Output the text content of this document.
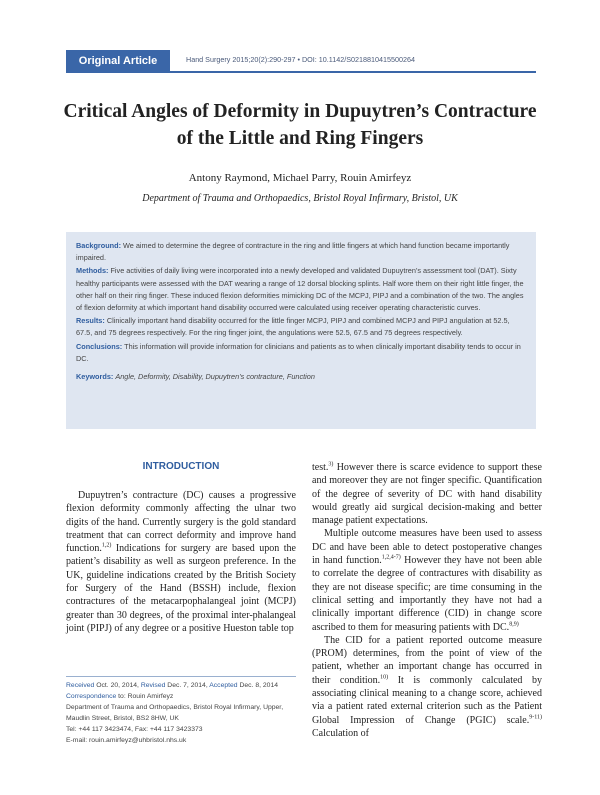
Original Article	Hand Surgery 2015;20(2):290-297 • DOI: 10.1142/S0218810415500264
Critical Angles of Deformity in Dupuytren’s Contracture
of the Little and Ring Fingers
Antony Raymond, Michael Parry, Rouin Amirfeyz
Department of Trauma and Orthopaedics, Bristol Royal Infirmary, Bristol, UK

Background: We aimed to determine the degree of contracture in the ring and little fingers at which hand function became importantly impaired.

Methods: Five activities of daily living were incorporated into a newly developed and validated Dupuytren’s assessment tool (DAT). Sixty healthy participants were assessed with the DAT wearing a range of 12 dorsal blocking splints. Half wore them on their right little finger, the other half on their ring finger. These induced flexion deformities mimicking DC of the MCPJ, PIPJ and a combination of the two. The angles of flexion deformity at which important hand disability occurred were calculated using receiver operating characteristic curves.

Results: Clinically important hand disability occurred for the little finger MCPJ, PIPJ and combined MCPJ and PIPJ angulation at 52.5, 67.5, and 75 degrees respectively. For the ring finger joint, the angulations were 52.5, 67.5 and 75 degrees respectively.

Conclusions: This information will provide information for clinicians and patients as to when clinically important disability tends to occur in DC.

Keywords: Angle, Deformity, Disability, Dupuytren’s contracture, Function

INTRODUCTION

Dupuytren’s contracture (DC) causes a progressive flexion deformity commonly affecting the ulnar two digits of the hand. Currently surgery is the gold standard treatment that can correct deformity and improve hand function.$^{1,2)}$ Indications for surgery are based upon the patient’s disability as well as surgeon preference. In the UK, guideline indications created by the British Society for Surgery of the Hand (BSSH) include, flexion contractures of the metacarpophalangeal joint (MCPJ) greater than 30 degrees, of the proximal inter-phalangeal joint (PIPJ) of any degree or a positive Hueston table top

Received Oct. 20, 2014, Revised Dec. 7, 2014, Accepted Dec. 8, 2014
Correspondence to: Rouin Amirfeyz
Department of Trauma and Orthopaedics, Bristol Royal Infirmary, Upper,
Maudlin Street, Bristol, BS2 8HW, UK
Tel: +44 117 3423474, Fax: +44 117 3423373
E-mail: rouin.amirfeyz@uhbristol.nhs.uk

test.$^{3)}$ However there is scarce evidence to support these and moreover they are not finger specific. Quantification of the degree of severity of DC with hand disability would greatly aid surgical decision-making and better manage patient expectations.

Multiple outcome measures have been used to assess DC and have been able to detect postoperative changes in hand function.$^{1,2,4-7)}$ However they have not been able to correlate the degree of contractures with disability as they are not disease specific; are time consuming in the clinical setting and importantly they have not had a clinically important difference (CID) in change score ascribed to them for measuring patients with DC.$^{8,9)}$

The CID for a patient reported outcome measure (PROM) determines, from the point of view of the patient, whether an important change has occurred in their condition.$^{10)}$ It is commonly calculated by associating clinical meaning to a change score, achieved via a patient rated external criterion such as the Patient Global Impression of Change (PGIC) scale.$^{9-11)}$ Calculation of
